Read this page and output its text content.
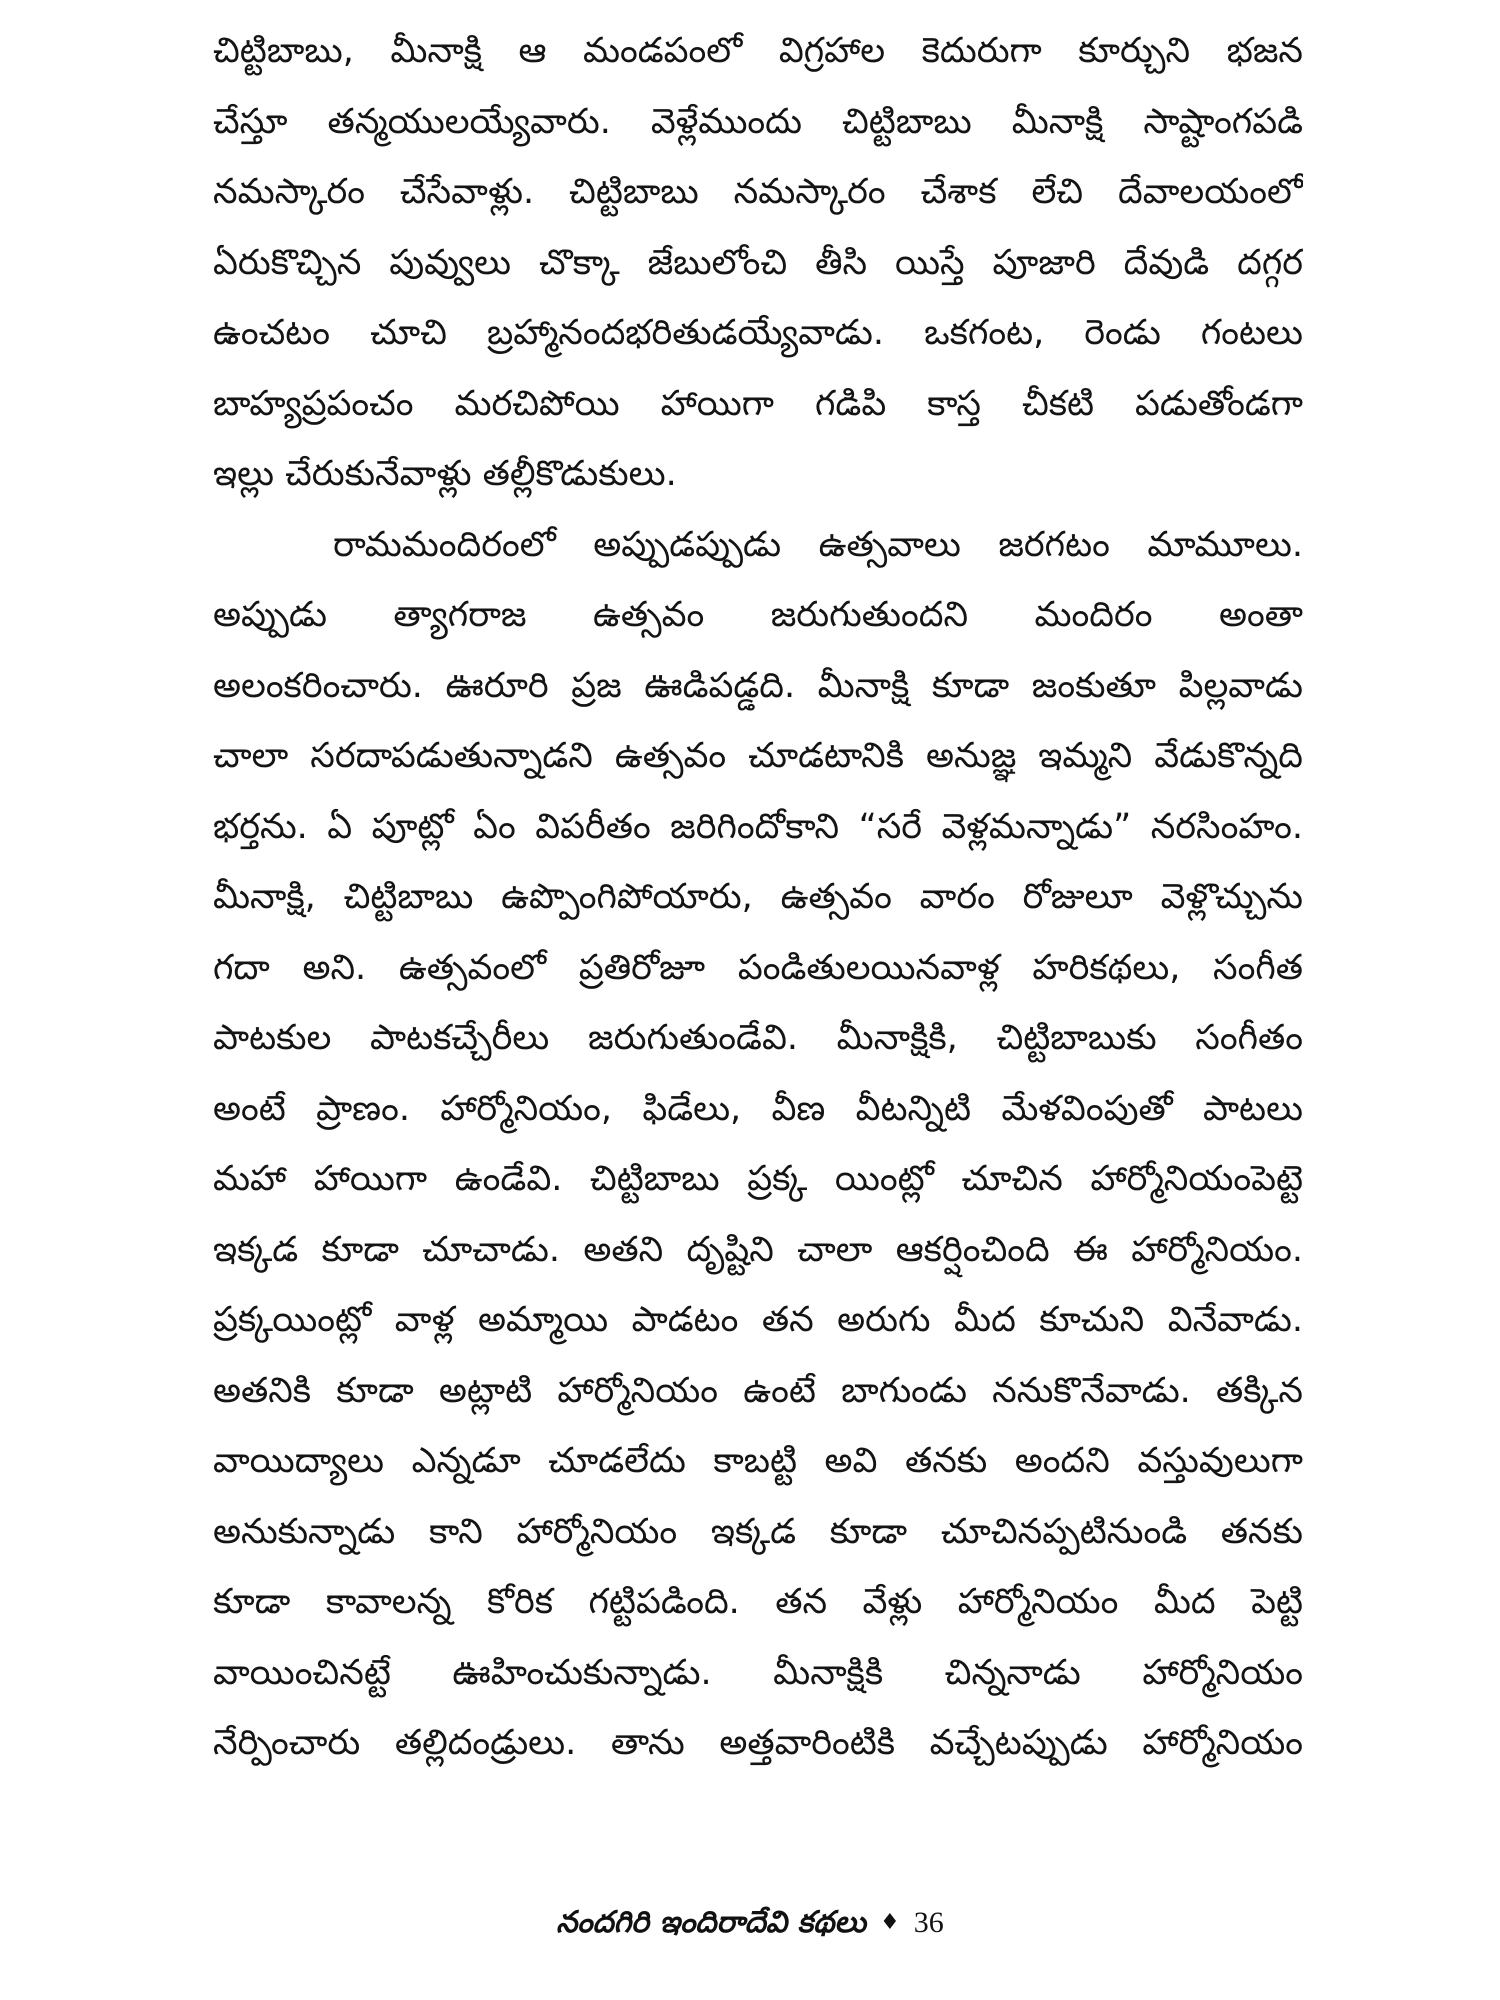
చిట్టిబాబు, మీనాక్షి ఆ మండపంలో విగ్రహాల కెదురుగా కూర్చుని భజన
చేస్తూ తన్మయులయ్యేవారు. వెళ్లేముందు చిట్టిబాబు మీనాక్షి సాష్టాంగపడి
నమస్కారం చేసేవాళ్లు. చిట్టిబాబు నమస్కారం చేశాక లేచి దేవాలయంలో
ఏరుకొచ్చిన పువ్వులు చొక్కా జేబులోంచి తీసి యిస్తే పూజారి దేవుడి దగ్గర
ఉంచటం చూచి బ్రహ్మానందభరితుడయ్యేవాడు. ఒకగంట, రెండు గంటలు
బాహ్యప్రపంచం మరచిపోయి హాయిగా గడిపి కాస్త చీకటి పడుతోండగా
ఇల్లు చేరుకునేవాళ్లు తల్లీకొడుకులు.
రామమందిరంలో అప్పుడప్పుడు ఉత్సవాలు జరగటం మామూలు.
అప్పుడు త్యాగరాజ ఉత్సవం జరుగుతుందని మందిరం అంతా
అలంకరించారు. ఊరూరి ప్రజ ఊడిపడ్డది. మీనాక్షి కూడా జంకుతూ పిల్లవాడు
చాలా సరదాపడుతున్నాడని ఉత్సవం చూడటానికి అనుజ్ఞ ఇమ్మని వేడుకొన్నది
భర్తను. ఏ పూట్లో ఏం విపరీతం జరిగిందోకాని “సరే వెళ్లమన్నాడు” నరసింహం.
మీనాక్షి, చిట్టిబాబు ఉప్పొంగిపోయారు, ఉత్సవం వారం రోజులూ వెళ్లొచ్చును
గదా అని. ఉత్సవంలో ప్రతిరోజూ పండితులయినవాళ్ల హరికథలు, సంగీత
పాటకుల పాటకచ్చేరీలు జరుగుతుండేవి. మీనాక్షికి, చిట్టిబాబుకు సంగీతం
అంటే ప్రాణం. హార్మోనియం, ఫిడేలు, వీణ వీటన్నిటి మేళవింపుతో పాటలు
మహా హాయిగా ఉండేవి. చిట్టిబాబు ప్రక్క యింట్లో చూచిన హార్మోనియంపెట్టె
ఇక్కడ కూడా చూచాడు. అతని దృష్టిని చాలా ఆకర్షించింది ఈ హార్మోనియం.
ప్రక్కయింట్లో వాళ్ల అమ్మాయి పాడటం తన అరుగు మీద కూచుని వినేవాడు.
అతనికి కూడా అట్లాటి హార్మోనియం ఉంటే బాగుండు ననుకొనేవాడు. తక్కిన
వాయిద్యాలు ఎన్నడూ చూడలేదు కాబట్టి అవి తనకు అందని వస్తువులుగా
అనుకున్నాడు కాని హార్మోనియం ఇక్కడ కూడా చూచినప్పటినుండి తనకు
కూడా కావాలన్న కోరిక గట్టిపడింది. తన వేళ్లు హార్మోనియం మీద పెట్టి
వాయించినట్టే ఊహించుకున్నాడు. మీనాక్షికి చిన్ననాడు హార్మోనియం
నేర్పించారు తల్లిదండ్రులు. తాను అత్తవారింటికి వచ్చేటప్పుడు హార్మోనియం
నందగిరి ఇందిరాదేవి కథలు ♦ 36
